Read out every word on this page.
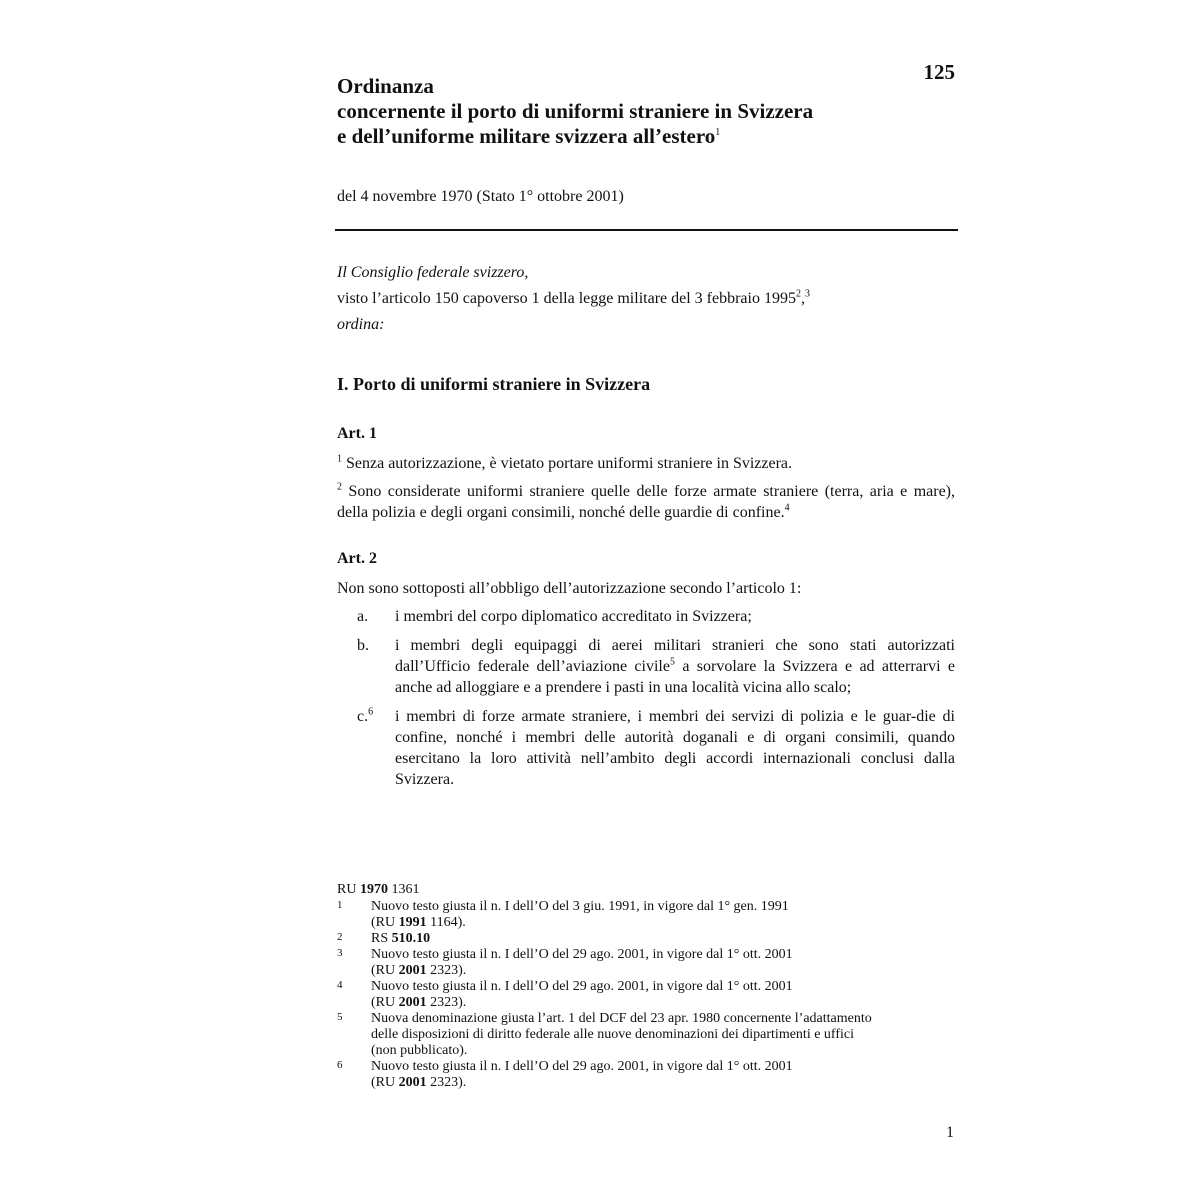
125
Ordinanza
concernente il porto di uniformi straniere in Svizzera
e dell’uniforme militare svizzera all’estero$^1$
del 4 novembre 1970 (Stato 1° ottobre 2001)
Il Consiglio federale svizzero,
visto l’articolo 150 capoverso 1 della legge militare del 3 febbraio 1995$^2$,$^3$
ordina:
I. Porto di uniformi straniere in Svizzera
Art. 1
$^1$ Senza autorizzazione, è vietato portare uniformi straniere in Svizzera.
$^2$ Sono considerate uniformi straniere quelle delle forze armate straniere (terra, aria e mare), della polizia e degli organi consimili, nonché delle guardie di confine.$^4$
Art. 2
Non sono sottoposti all’obbligo dell’autorizzazione secondo l’articolo 1:
a. i membri del corpo diplomatico accreditato in Svizzera;
b. i membri degli equipaggi di aerei militari stranieri che sono stati autorizzati dall’Ufficio federale dell’aviazione civile$^5$ a sorvolare la Svizzera e ad atterrarvi e anche ad alloggiare e a prendere i pasti in una località vicina allo scalo;
c.$^6$ i membri di forze armate straniere, i membri dei servizi di polizia e le guar-die di confine, nonché i membri delle autorità doganali e di organi consimili, quando esercitano la loro attività nell’ambito degli accordi internazionali conclusi dalla Svizzera.
RU 1970 1361
1 Nuovo testo giusta il n. I dell’O del 3 giu. 1991, in vigore dal 1° gen. 1991
(RU 1991 1164).
2 RS 510.10
3 Nuovo testo giusta il n. I dell’O del 29 ago. 2001, in vigore dal 1° ott. 2001
(RU 2001 2323).
4 Nuovo testo giusta il n. I dell’O del 29 ago. 2001, in vigore dal 1° ott. 2001
(RU 2001 2323).
5 Nuova denominazione giusta l’art. 1 del DCF del 23 apr. 1980 concernente l’adattamento
delle disposizioni di diritto federale alle nuove denominazioni dei dipartimenti e uffici
(non pubblicato).
6 Nuovo testo giusta il n. I dell’O del 29 ago. 2001, in vigore dal 1° ott. 2001
(RU 2001 2323).
1
